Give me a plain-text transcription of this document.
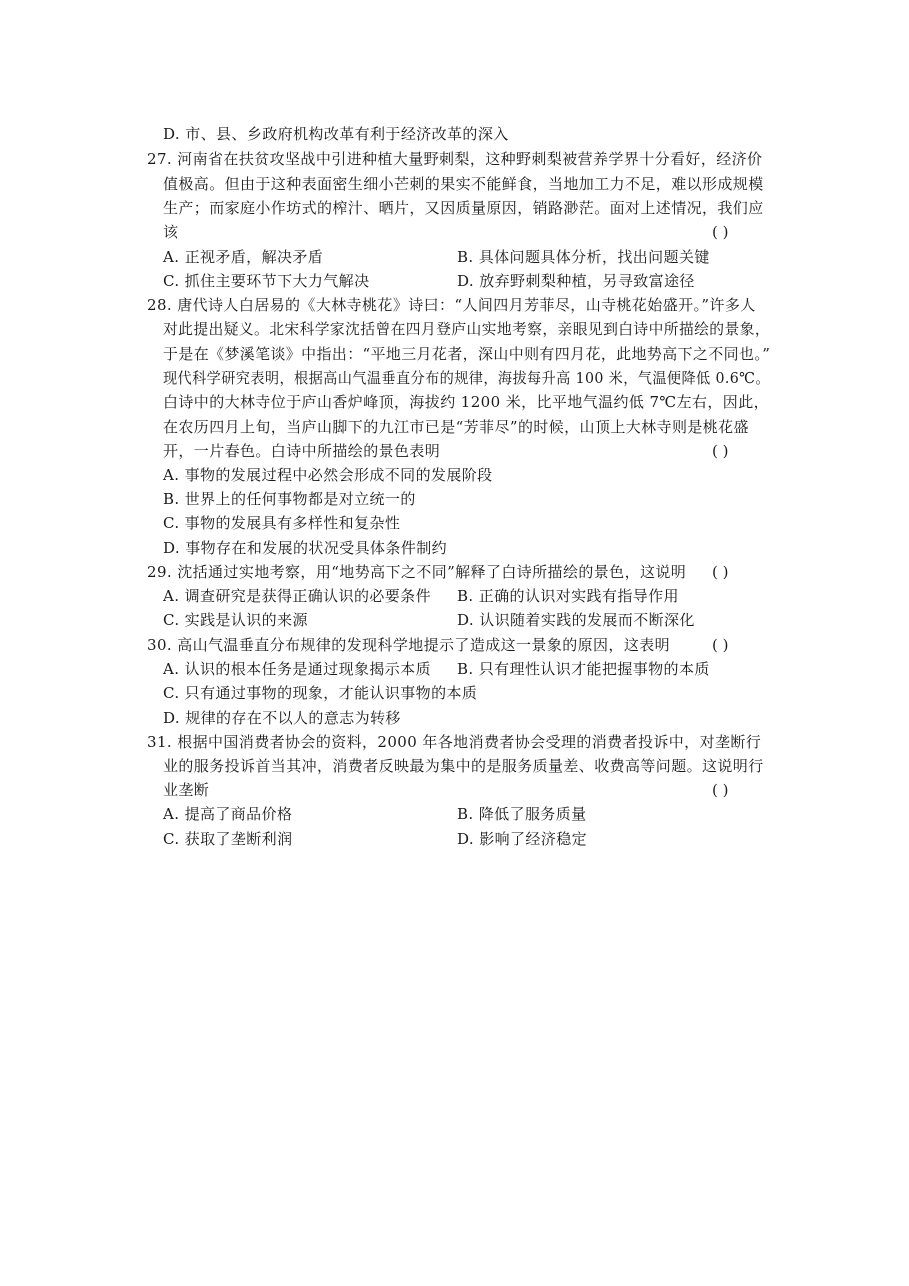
D. 市、县、乡政府机构改革有利于经济改革的深入
27. 河南省在扶贫攻坚战中引进种植大量野刺梨，这种野刺梨被营养学界十分看好，经济价
值极高。但由于这种表面密生细小芒刺的果实不能鲜食，当地加工力不足，难以形成规模
生产；而家庭小作坊式的榨汁、晒片，又因质量原因，销路渺茫。面对上述情况，我们应
该	( )
A. 正视矛盾，解决矛盾	B. 具体问题具体分析，找出问题关键
C. 抓住主要环节下大力气解决	D. 放弃野刺梨种植，另寻致富途径
28. 唐代诗人白居易的《大林寺桃花》诗曰：“人间四月芳菲尽，山寺桃花始盛开。”许多人
对此提出疑义。北宋科学家沈括曾在四月登庐山实地考察，亲眼见到白诗中所描绘的景象，
于是在《梦溪笔谈》中指出：“平地三月花者，深山中则有四月花，此地势高下之不同也。”
现代科学研究表明，根据高山气温垂直分布的规律，海拔每升高 100 米，气温便降低 0.6℃。
白诗中的大林寺位于庐山香炉峰顶，海拔约 1200 米，比平地气温约低 7℃左右，因此，
在农历四月上旬，当庐山脚下的九江市已是“芳菲尽”的时候，山顶上大林寺则是桃花盛
开，一片春色。白诗中所描绘的景色表明	( )
A. 事物的发展过程中必然会形成不同的发展阶段
B. 世界上的任何事物都是对立统一的
C. 事物的发展具有多样性和复杂性
D. 事物存在和发展的状况受具体条件制约
29. 沈括通过实地考察，用“地势高下之不同”解释了白诗所描绘的景色，这说明 ( )
A. 调查研究是获得正确认识的必要条件 B. 正确的认识对实践有指导作用
C. 实践是认识的来源	D. 认识随着实践的发展而不断深化
30. 高山气温垂直分布规律的发现科学地提示了造成这一景象的原因，这表明	( )
A. 认识的根本任务是通过现象揭示本质 B. 只有理性认识才能把握事物的本质
C. 只有通过事物的现象，才能认识事物的本质
D. 规律的存在不以人的意志为转移
31. 根据中国消费者协会的资料，2000 年各地消费者协会受理的消费者投诉中，对垄断行
业的服务投诉首当其冲，消费者反映最为集中的是服务质量差、收费高等问题。这说明行
业垄断	( )
A. 提高了商品价格	B. 降低了服务质量
C. 获取了垄断利润	D. 影响了经济稳定
